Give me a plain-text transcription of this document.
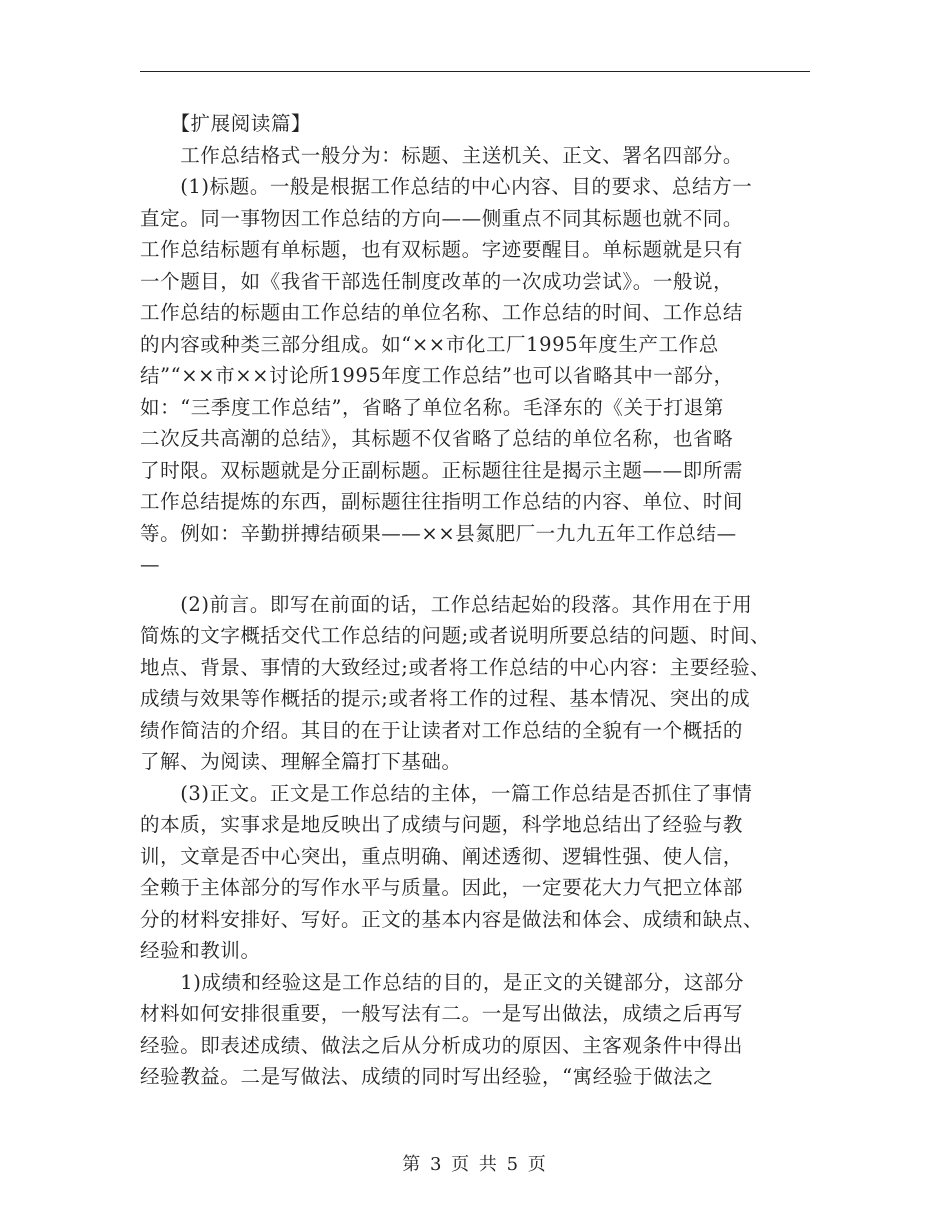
　　【扩展阅读篇】
　　工作总结格式一般分为：标题、主送机关、正文、署名四部分。
　　(1)标题。一般是根据工作总结的中心内容、目的要求、总结方一
直定。同一事物因工作总结的方向——侧重点不同其标题也就不同。
工作总结标题有单标题，也有双标题。字迹要醒目。单标题就是只有
一个题目，如《我省干部选任制度改革的一次成功尝试》。一般说，
工作总结的标题由工作总结的单位名称、工作总结的时间、工作总结
的内容或种类三部分组成。如“××市化工厂1995年度生产工作总
结”“××市××讨论所1995年度工作总结”也可以省略其中一部分，
如：“三季度工作总结”，省略了单位名称。毛泽东的《关于打退第
二次反共高潮的总结》，其标题不仅省略了总结的单位名称，也省略
了时限。双标题就是分正副标题。正标题往往是揭示主题——即所需
工作总结提炼的东西，副标题往往指明工作总结的内容、单位、时间
等。例如：辛勤拼搏结硕果——××县氮肥厂一九九五年工作总结—
—
　　(2)前言。即写在前面的话，工作总结起始的段落。其作用在于用
简炼的文字概括交代工作总结的问题;或者说明所要总结的问题、时间、
地点、背景、事情的大致经过;或者将工作总结的中心内容：主要经验、
成绩与效果等作概括的提示;或者将工作的过程、基本情况、突出的成
绩作简洁的介绍。其目的在于让读者对工作总结的全貌有一个概括的
了解、为阅读、理解全篇打下基础。
　　(3)正文。正文是工作总结的主体，一篇工作总结是否抓住了事情
的本质，实事求是地反映出了成绩与问题，科学地总结出了经验与教
训，文章是否中心突出，重点明确、阐述透彻、逻辑性强、使人信，
全赖于主体部分的写作水平与质量。因此，一定要花大力气把立体部
分的材料安排好、写好。正文的基本内容是做法和体会、成绩和缺点、
经验和教训。
　　1)成绩和经验这是工作总结的目的，是正文的关键部分，这部分
材料如何安排很重要，一般写法有二。一是写出做法，成绩之后再写
经验。即表述成绩、做法之后从分析成功的原因、主客观条件中得出
经验教益。二是写做法、成绩的同时写出经验，“寓经验于做法之
第 3 页 共 5 页
